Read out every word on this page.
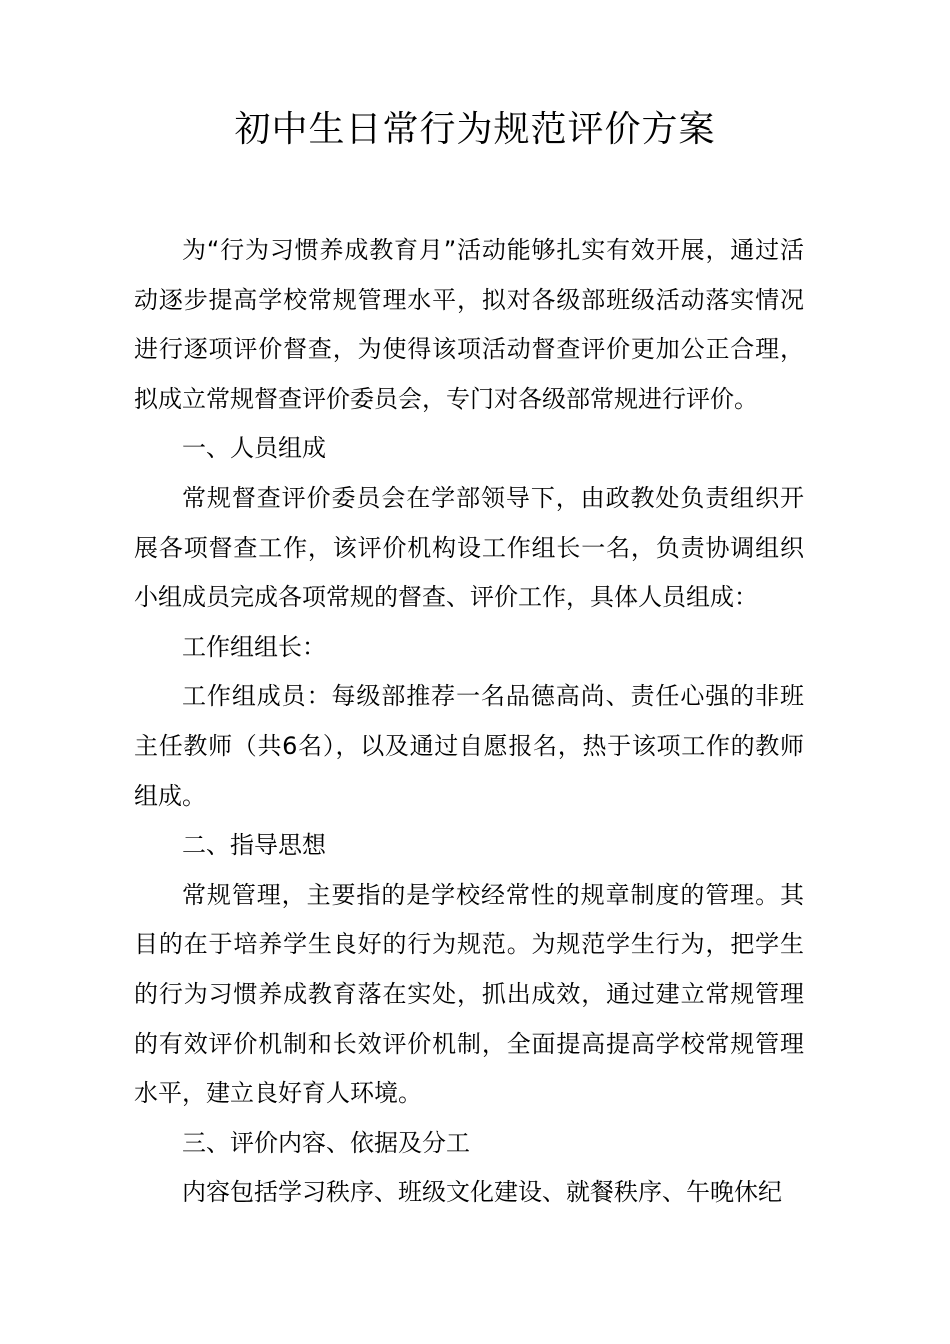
初中生日常行为规范评价方案

为“行为习惯养成教育月”活动能够扎实有效开展，通过活动逐步提高学校常规管理水平，拟对各级部班级活动落实情况进行逐项评价督查，为使得该项活动督查评价更加公正合理，拟成立常规督查评价委员会，专门对各级部常规进行评价。

一、人员组成

常规督查评价委员会在学部领导下，由政教处负责组织开展各项督查工作，该评价机构设工作组长一名，负责协调组织小组成员完成各项常规的督查、评价工作，具体人员组成：

工作组组长：

工作组成员：每级部推荐一名品德高尚、责任心强的非班主任教师（共6名），以及通过自愿报名，热于该项工作的教师组成。

二、指导思想

常规管理，主要指的是学校经常性的规章制度的管理。其目的在于培养学生良好的行为规范。为规范学生行为，把学生的行为习惯养成教育落在实处，抓出成效，通过建立常规管理的有效评价机制和长效评价机制，全面提高提高学校常规管理水平，建立良好育人环境。

三、评价内容、依据及分工

内容包括学习秩序、班级文化建设、就餐秩序、午晚休纪
